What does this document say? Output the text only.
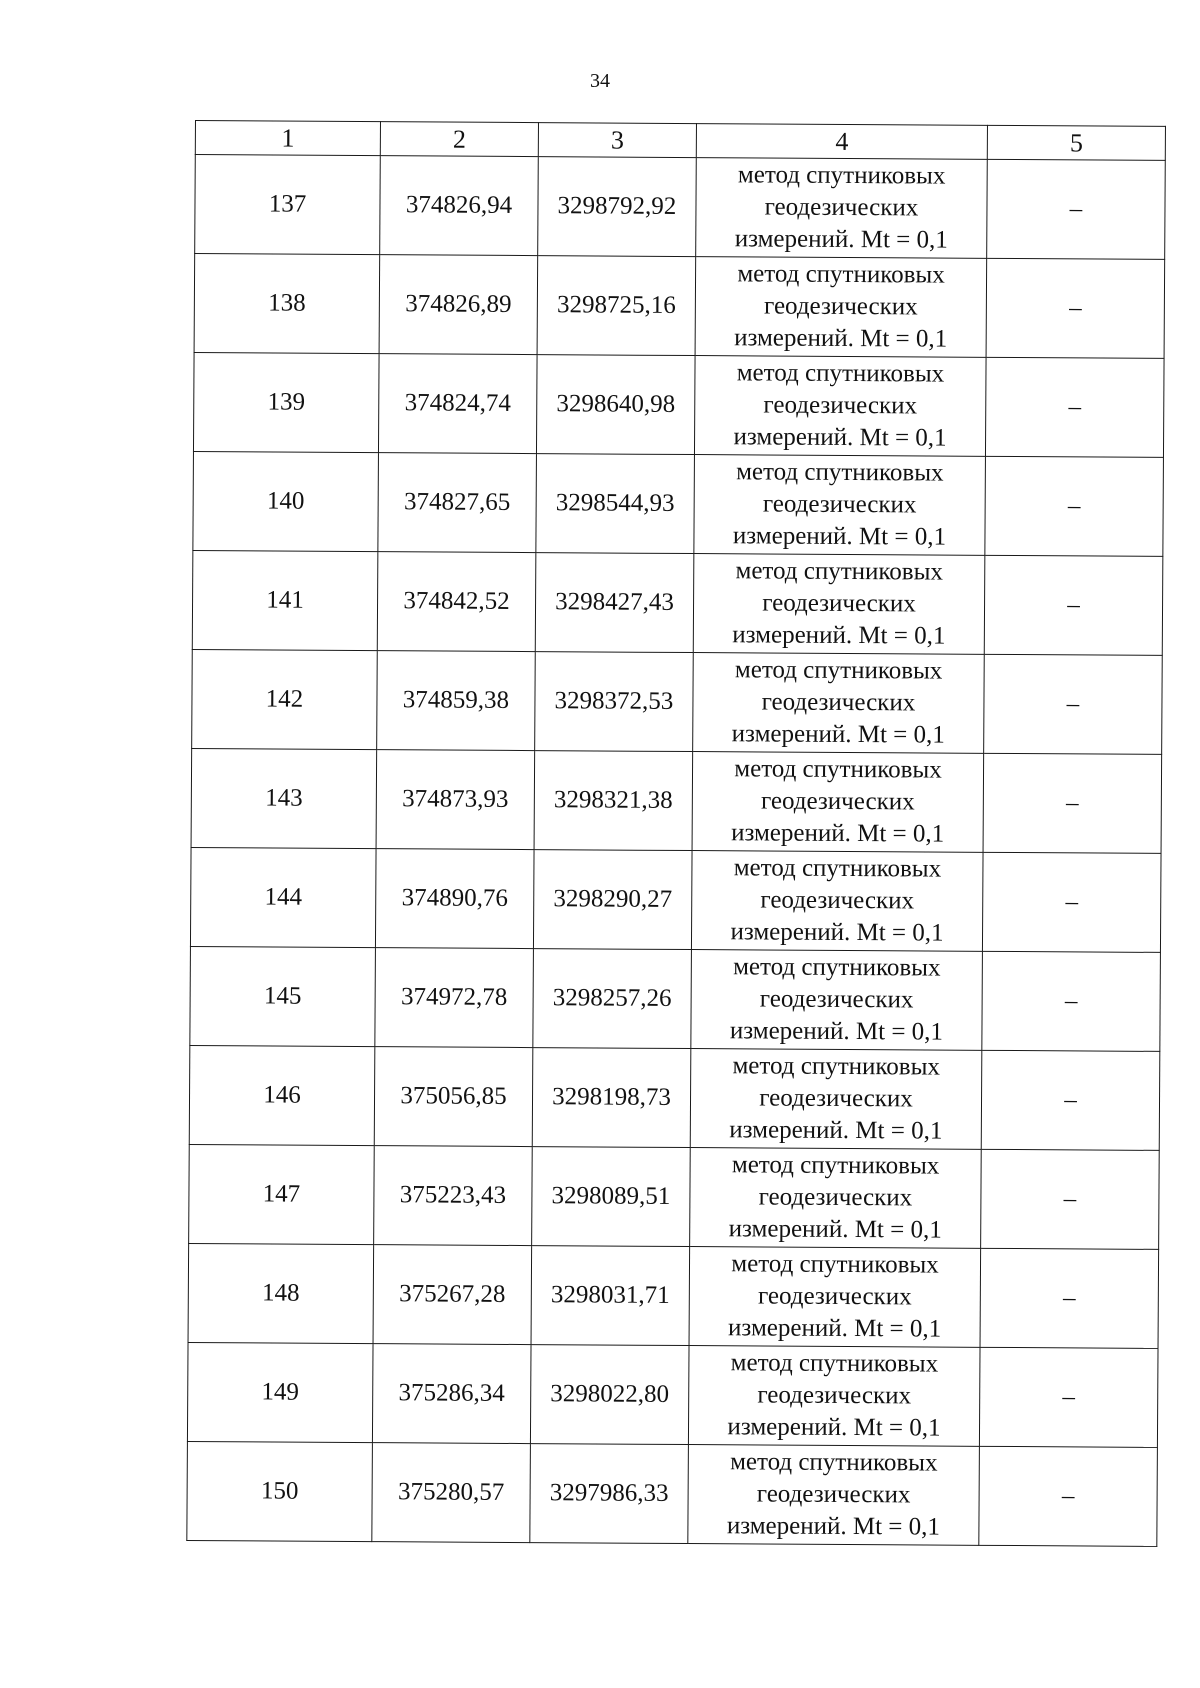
34
1	2	3	4	5
137	374826,94	3298792,92	метод спутниковых
геодезических
измерений. Mt = 0,1	–
138	374826,89	3298725,16	метод спутниковых
геодезических
измерений. Mt = 0,1	–
139	374824,74	3298640,98	метод спутниковых
геодезических
измерений. Mt = 0,1	–
140	374827,65	3298544,93	метод спутниковых
геодезических
измерений. Mt = 0,1	–
141	374842,52	3298427,43	метод спутниковых
геодезических
измерений. Mt = 0,1	–
142	374859,38	3298372,53	метод спутниковых
геодезических
измерений. Mt = 0,1	–
143	374873,93	3298321,38	метод спутниковых
геодезических
измерений. Mt = 0,1	–
144	374890,76	3298290,27	метод спутниковых
геодезических
измерений. Mt = 0,1	–
145	374972,78	3298257,26	метод спутниковых
геодезических
измерений. Mt = 0,1	–
146	375056,85	3298198,73	метод спутниковых
геодезических
измерений. Mt = 0,1	–
147	375223,43	3298089,51	метод спутниковых
геодезических
измерений. Mt = 0,1	–
148	375267,28	3298031,71	метод спутниковых
геодезических
измерений. Mt = 0,1	–
149	375286,34	3298022,80	метод спутниковых
геодезических
измерений. Mt = 0,1	–
150	375280,57	3297986,33	метод спутниковых
геодезических
измерений. Mt = 0,1	–
